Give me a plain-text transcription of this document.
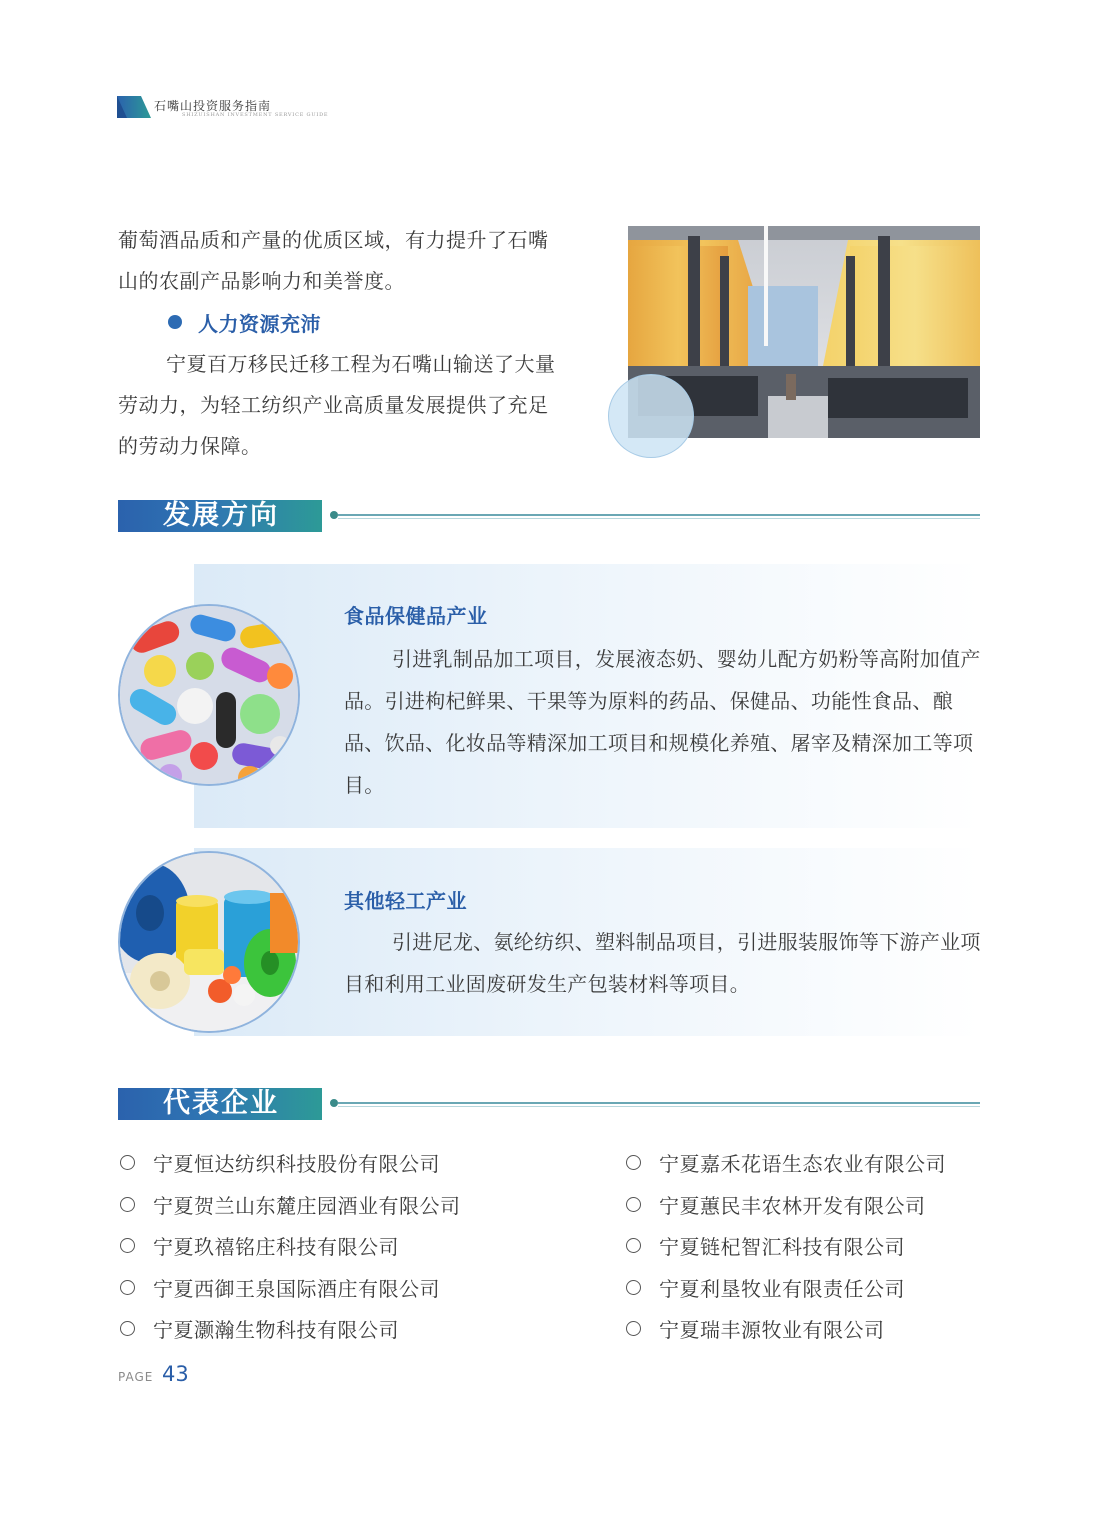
石嘴山投资服务指南
SHIZUISHAN INVESTMENT SERVICE GUIDE
葡萄酒品质和产量的优质区域，有力提升了石嘴山的农副产品影响力和美誉度。
人力资源充沛
宁夏百万移民迁移工程为石嘴山输送了大量劳动力，为轻工纺织产业高质量发展提供了充足的劳动力保障。
发展方向
食品保健品产业
引进乳制品加工项目，发展液态奶、婴幼儿配方奶粉等高附加值产品。引进枸杞鲜果、干果等为原料的药品、保健品、功能性食品、酿品、饮品、化妆品等精深加工项目和规模化养殖、屠宰及精深加工等项目。
其他轻工产业
引进尼龙、氨纶纺织、塑料制品项目，引进服装服饰等下游产业项目和利用工业固废研发生产包装材料等项目。
代表企业
宁夏恒达纺织科技股份有限公司
宁夏贺兰山东麓庄园酒业有限公司
宁夏玖禧铭庄科技有限公司
宁夏西御王泉国际酒庄有限公司
宁夏灏瀚生物科技有限公司
宁夏嘉禾花语生态农业有限公司
宁夏蕙民丰农林开发有限公司
宁夏链杞智汇科技有限公司
宁夏利垦牧业有限责任公司
宁夏瑞丰源牧业有限公司
PAGE 43
